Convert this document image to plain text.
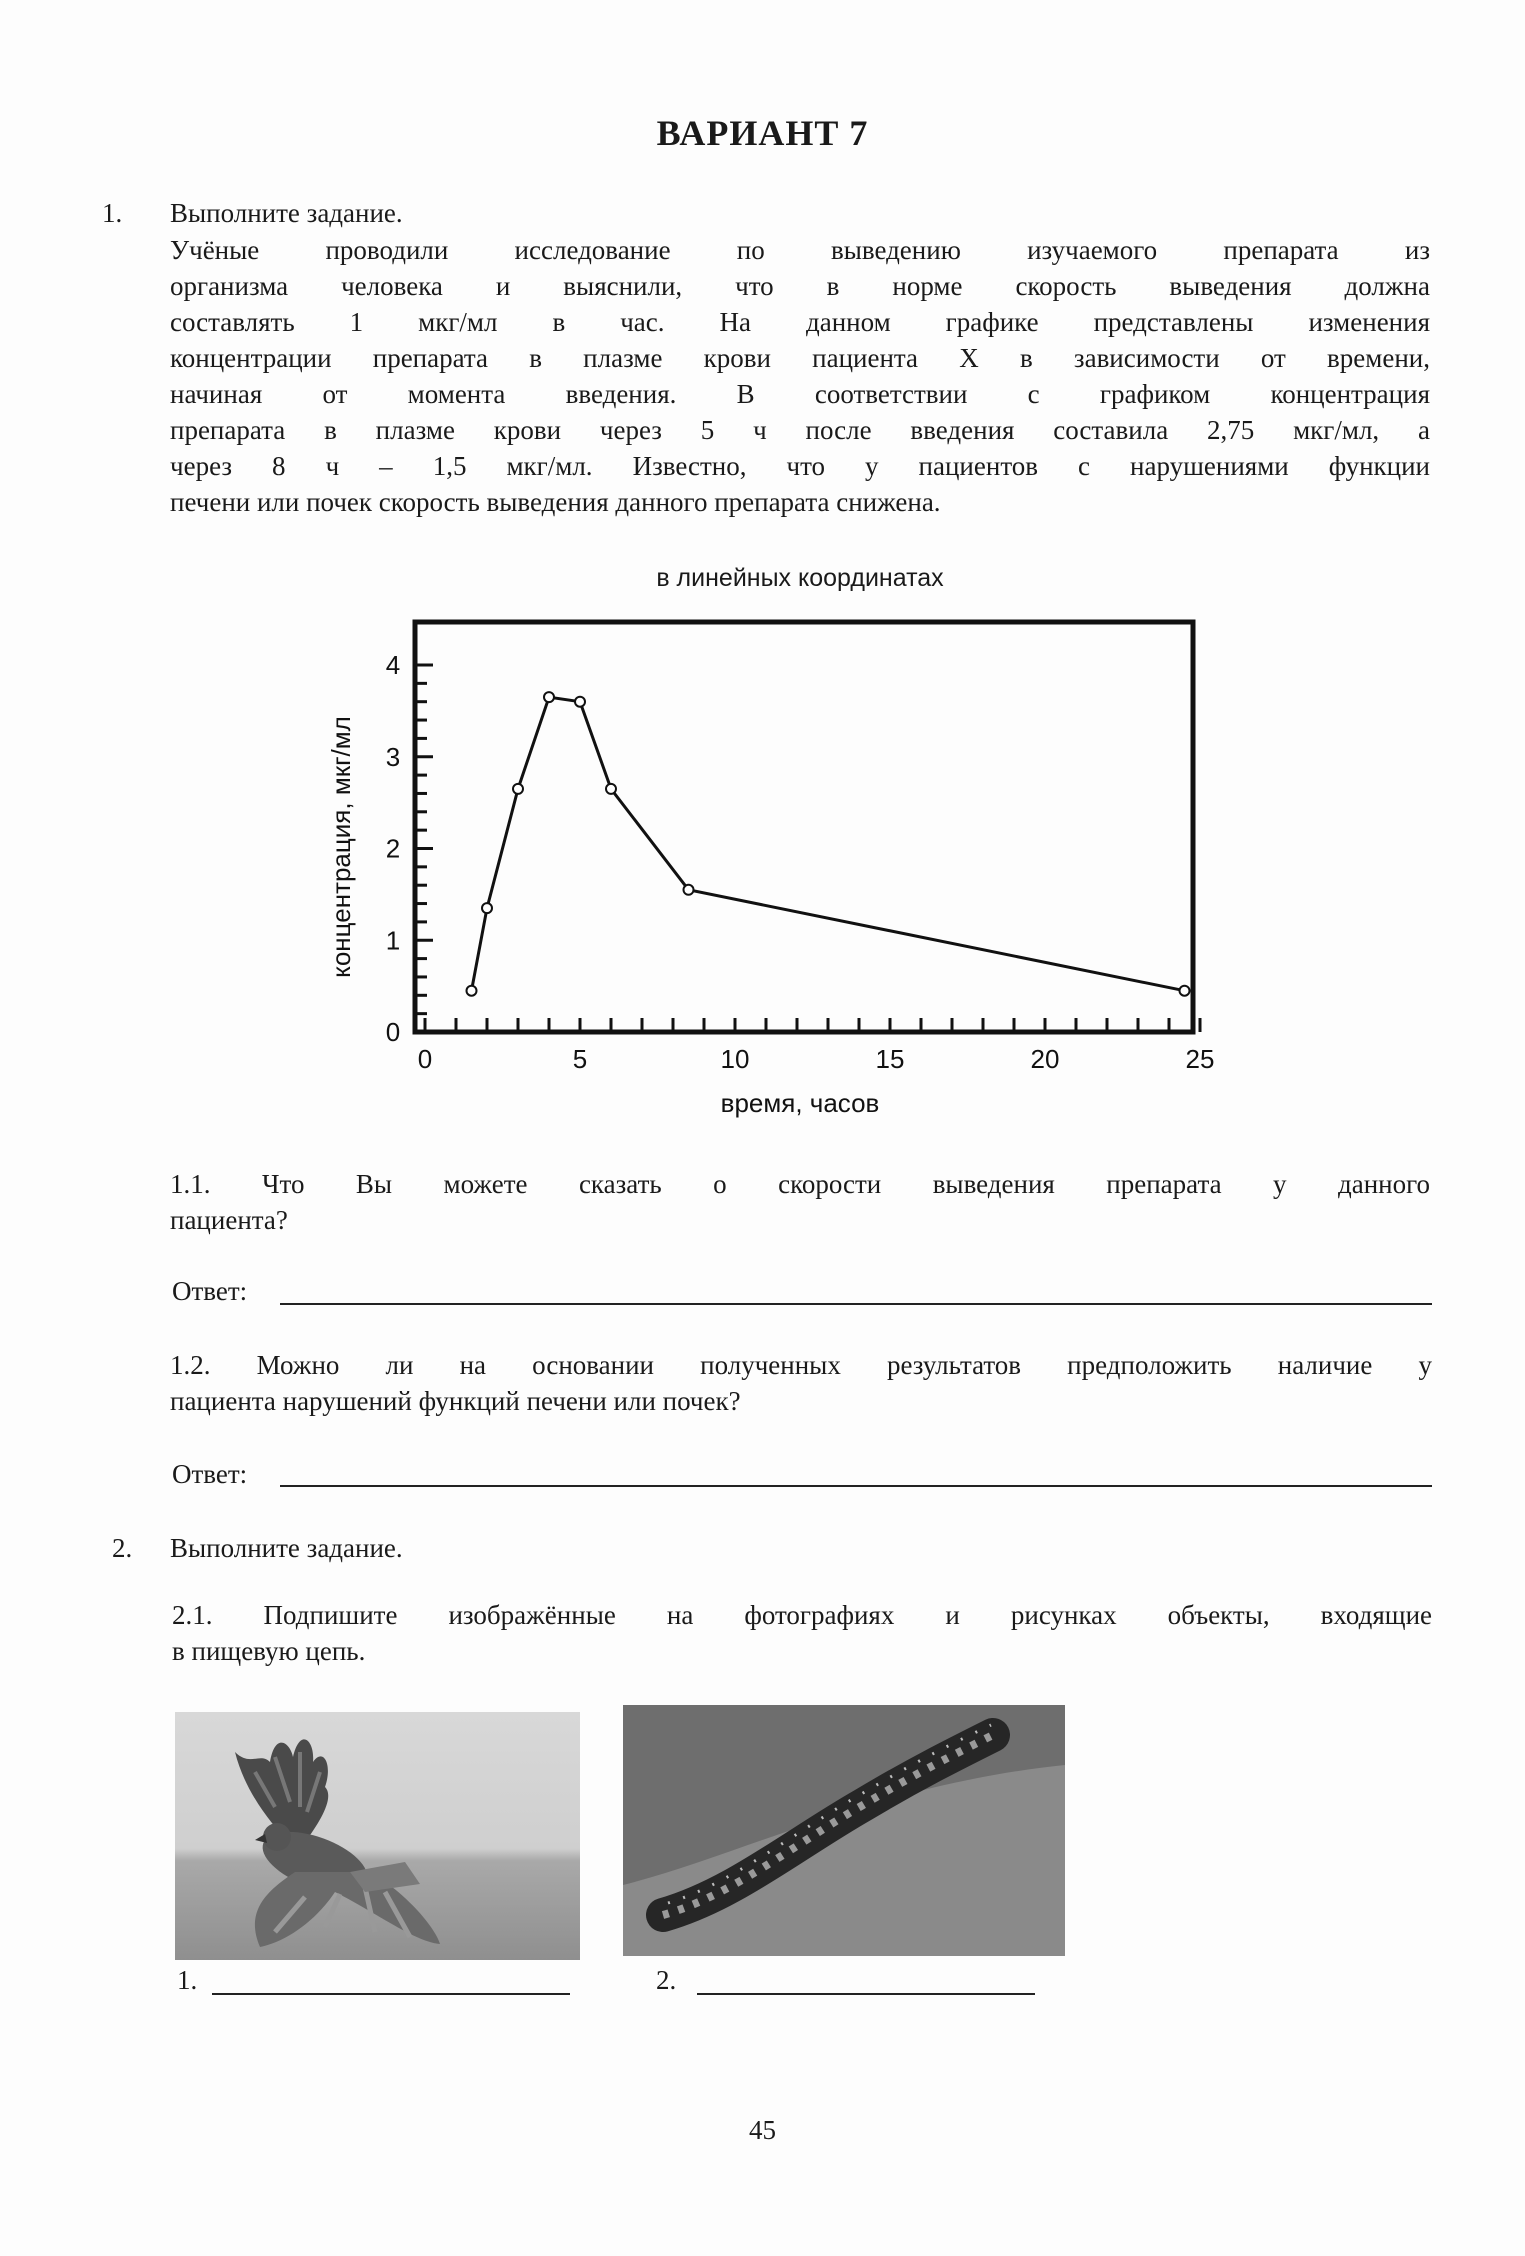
ВАРИАНТ 7
1. Выполните задание.
Учёные проводили исследование по выведению изучаемого препарата из
организма человека и выяснили, что в норме скорость выведения должна
составлять 1 мкг/мл в час. На данном графике представлены изменения
концентрации препарата в плазме крови пациента Х в зависимости от времени,
начиная от момента введения. В соответствии с графиком концентрация
препарата в плазме крови через 5 ч после введения составила 2,75 мкг/мл, а
через 8 ч – 1,5 мкг/мл. Известно, что у пациентов с нарушениями функции
печени или почек скорость выведения данного препарата снижена.
в линейных координатах
0
1
2
3
4
0	5	10	15	20	25
время, часов
концентрация, мкг/мл
1.1. Что Вы можете сказать о скорости выведения препарата у данного
пациента?
Ответ:
1.2. Можно ли на основании полученных результатов предположить наличие у
пациента нарушений функций печени или почек?
Ответ:
2. Выполните задание.
2.1. Подпишите изображённые на фотографиях и рисунках объекты, входящие
в пищевую цепь.
1.	2.
45
